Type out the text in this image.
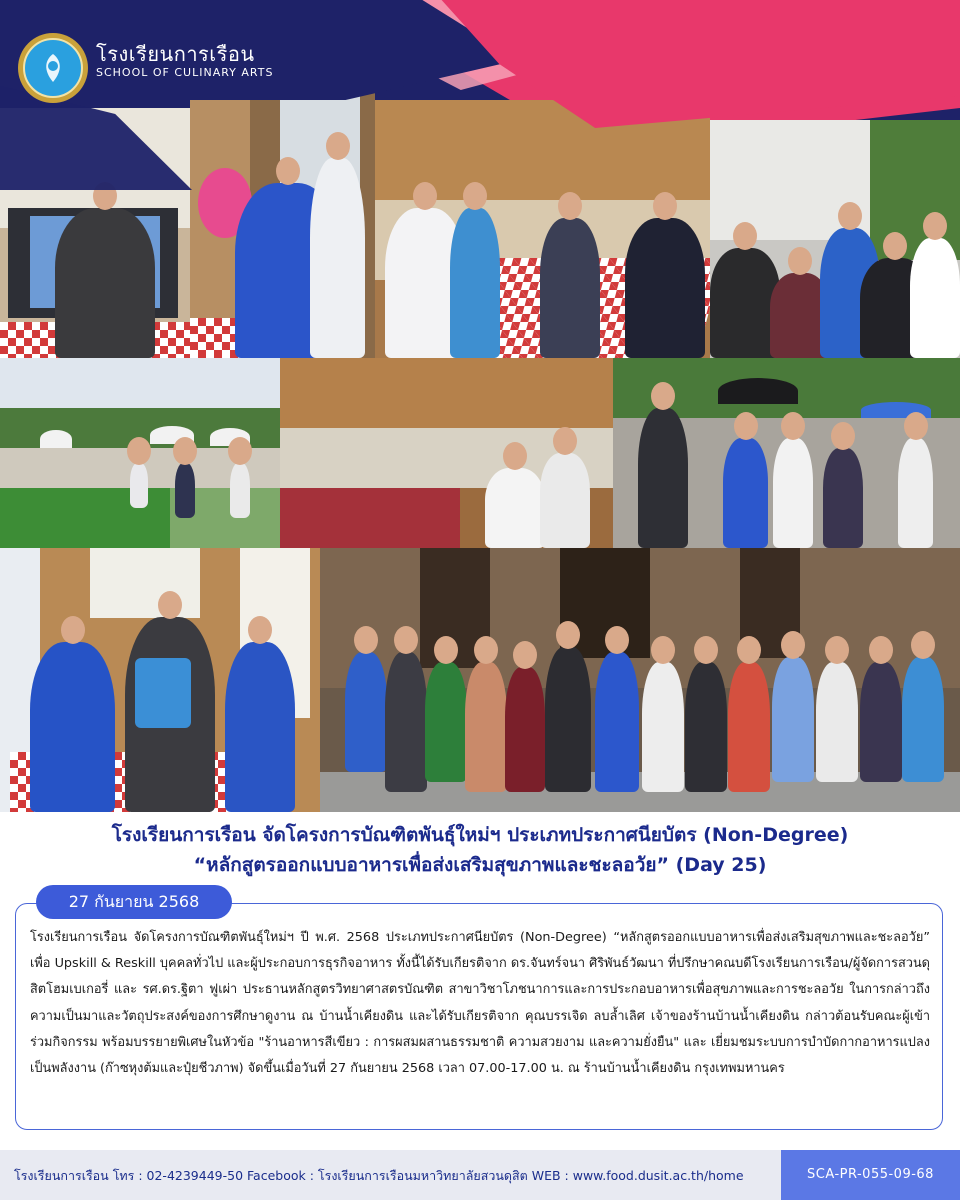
โรงเรียนการเรือน
SCHOOL OF CULINARY ARTS
โรงเรียนการเรือน จัดโครงการบัณฑิตพันธุ์ใหม่ฯ ประเภทประกาศนียบัตร (Non-Degree)
“หลักสูตรออกแบบอาหารเพื่อส่งเสริมสุขภาพและชะลอวัย” (Day 25)
27 กันยายน 2568
โรงเรียนการเรือน จัดโครงการบัณฑิตพันธุ์ใหม่ฯ ปี พ.ศ. 2568 ประเภทประกาศนียบัตร (Non-Degree) “หลักสูตรออกแบบอาหารเพื่อส่งเสริมสุขภาพและชะลอวัย” เพื่อ Upskill & Reskill บุคคลทั่วไป และผู้ประกอบการธุรกิจอาหาร ทั้งนี้ได้รับเกียรติจาก ดร.จันทร์จนา ศิริพันธ์วัฒนา ที่ปรึกษาคณบดีโรงเรียนการเรือน/ผู้จัดการสวนดุสิตโฮมเบเกอรี่ และ รศ.ดร.ฐิตา ฟูเผ่า ประธานหลักสูตรวิทยาศาสตรบัณฑิต สาขาวิชาโภชนาการและการประกอบอาหารเพื่อสุขภาพและการชะลอวัย ในการกล่าวถึงความเป็นมาและวัตถุประสงค์ของการศึกษาดูงาน ณ บ้านน้ำเคียงดิน และได้รับเกียรติจาก คุณบรรเจิด ลบล้ำเลิศ เจ้าของร้านบ้านน้ำเคียงดิน กล่าวต้อนรับคณะผู้เข้าร่วมกิจกรรม พร้อมบรรยายพิเศษในหัวข้อ "ร้านอาหารสีเขียว : การผสมผสานธรรมชาติ ความสวยงาม และความยั่งยืน" และ เยี่ยมชมระบบการบำบัดกากอาหารแปลงเป็นพลังงาน (ก๊าซหุงต้มและปุ๋ยชีวภาพ) จัดขึ้นเมื่อวันที่ 27 กันยายน 2568 เวลา 07.00-17.00 น. ณ ร้านบ้านน้ำเคียงดิน กรุงเทพมหานคร
โรงเรียนการเรือน โทร : 02-4239449-50 Facebook : โรงเรียนการเรือนมหาวิทยาลัยสวนดุสิต WEB : www.food.dusit.ac.th/home	SCA-PR-055-09-68
